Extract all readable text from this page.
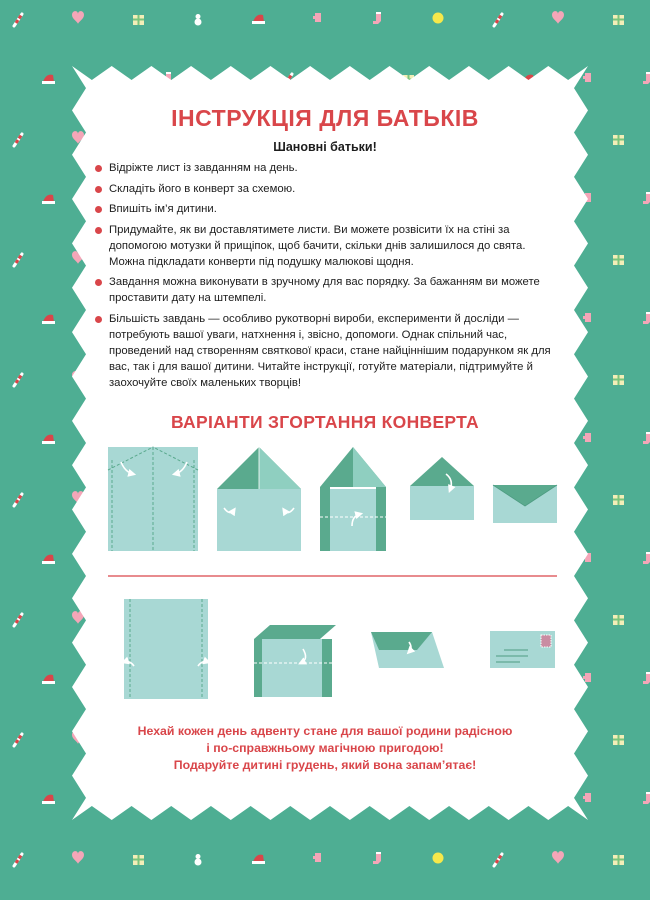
ІНСТРУКЦІЯ ДЛЯ БАТЬКІВ
Шановні батьки!
Відріжте лист із завданням на день.
Складіть його в конверт за схемою.
Впишіть ім’я дитини.
Придумайте, як ви доставлятимете листи. Ви можете розвісити їх на стіні за допомогою мотузки й прищіпок, щоб бачити, скільки днів залишилося до свята. Можна підкладати конверти під подушку малюкові щодня.
Завдання можна виконувати в зручному для вас порядку. За бажанням ви можете проставити дату на штемпелі.
Більшість завдань — особливо рукотворні вироби, експерименти й досліди — потребують вашої уваги, натхнення і, звісно, допомоги. Однак спільний час, проведений над створенням святкової краси, стане найціннішим подарунком як для вас, так і для вашої дитини. Читайте інструкції, готуйте матеріали, підтримуйте й заохочуйте своїх маленьких творців!
ВАРІАНТИ ЗГОРТАННЯ КОНВЕРТА
Нехай кожен день адвенту стане для вашої родини радісною
і по-справжньому магічною пригодою!
Подаруйте дитині грудень, який вона запам’ятає!
